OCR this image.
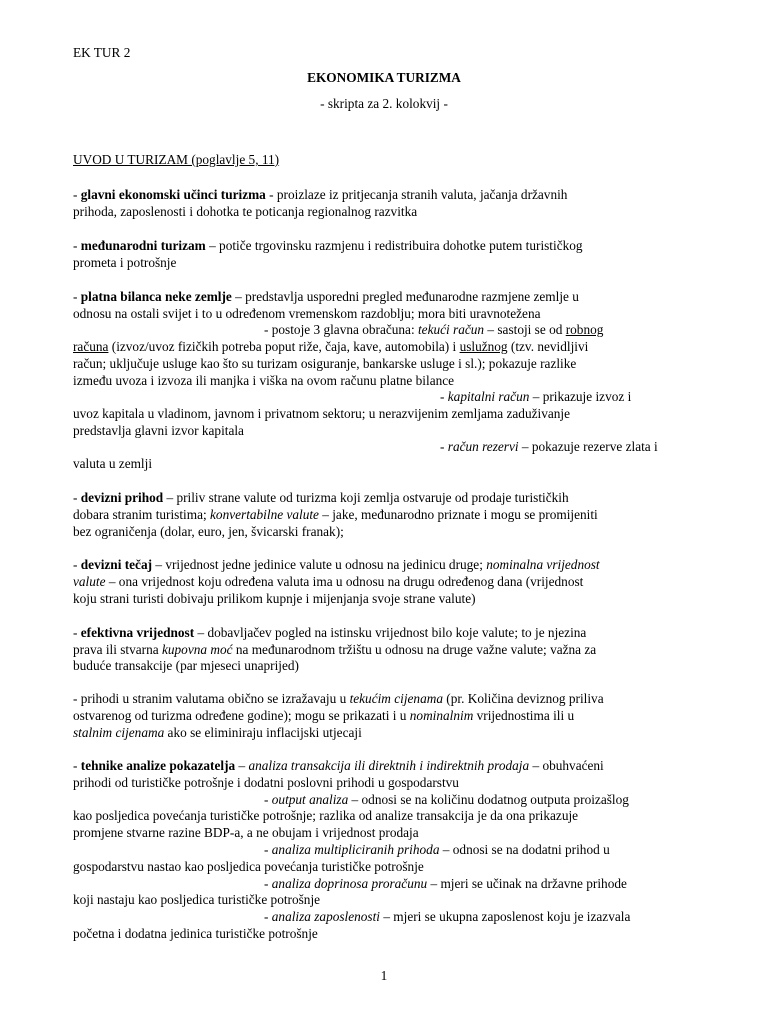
EK TUR 2
EKONOMIKA TURIZMA
- skripta za 2. kolokvij -
UVOD U TURIZAM (poglavlje 5, 11)
- glavni ekonomski učinci turizma - proizlaze iz pritjecanja stranih valuta, jačanja državnih
prihoda, zaposlenosti i dohotka te poticanja regionalnog razvitka
- međunarodni turizam – potiče trgovinsku razmjenu i redistribuira dohotke putem turističkog
prometa i potrošnje
- platna bilanca neke zemlje – predstavlja usporedni pregled međunarodne razmjene zemlje u
odnosu na ostali svijet i to u određenom vremenskom razdoblju; mora biti uravnotežena
- postoje 3 glavna obračuna: tekući račun – sastoji se od robnog
računa (izvoz/uvoz fizičkih potreba poput riže, čaja, kave, automobila) i uslužnog (tzv. nevidljivi
račun; uključuje usluge kao što su turizam osiguranje, bankarske usluge i sl.); pokazuje razlike
između uvoza i izvoza ili manjka i viška na ovom računu platne bilance
- kapitalni račun – prikazuje izvoz i
uvoz kapitala u vladinom, javnom i privatnom sektoru; u nerazvijenim zemljama zaduživanje
predstavlja glavni izvor kapitala
- račun rezervi – pokazuje rezerve zlata i
valuta u zemlji
- devizni prihod – priliv strane valute od turizma koji zemlja ostvaruje od prodaje turističkih
dobara stranim turistima; konvertabilne valute – jake, međunarodno priznate i mogu se promijeniti
bez ograničenja (dolar, euro, jen, švicarski franak);
- devizni tečaj – vrijednost jedne jedinice valute u odnosu na jedinicu druge; nominalna vrijednost
valute – ona vrijednost koju određena valuta ima u odnosu na drugu određenog dana (vrijednost
koju strani turisti dobivaju prilikom kupnje i mijenjanja svoje strane valute)
- efektivna vrijednost – dobavljačev pogled na istinsku vrijednost bilo koje valute; to je njezina
prava ili stvarna kupovna moć na međunarodnom tržištu u odnosu na druge važne valute; važna za
buduće transakcije (par mjeseci unaprijed)
- prihodi u stranim valutama obično se izražavaju u tekućim cijenama (pr. Količina deviznog priliva
ostvarenog od turizma određene godine); mogu se prikazati i u nominalnim vrijednostima ili u
stalnim cijenama ako se eliminiraju inflacijski utjecaji
- tehnike analize pokazatelja – analiza transakcija ili direktnih i indirektnih prodaja – obuhvaćeni
prihodi od turističke potrošnje i dodatni poslovni prihodi u gospodarstvu
- output analiza – odnosi se na količinu dodatnog outputa proizašlog
kao posljedica povećanja turističke potrošnje; razlika od analize transakcija je da ona prikazuje
promjene stvarne razine BDP-a, a ne obujam i vrijednost prodaja
- analiza multipliciranih prihoda – odnosi se na dodatni prihod u
gospodarstvu nastao kao posljedica povećanja turističke potrošnje
- analiza doprinosa proračunu – mjeri se učinak na državne prihode
koji nastaju kao posljedica turističke potrošnje
- analiza zaposlenosti – mjeri se ukupna zaposlenost koju je izazvala
početna i dodatna jedinica turističke potrošnje
1
